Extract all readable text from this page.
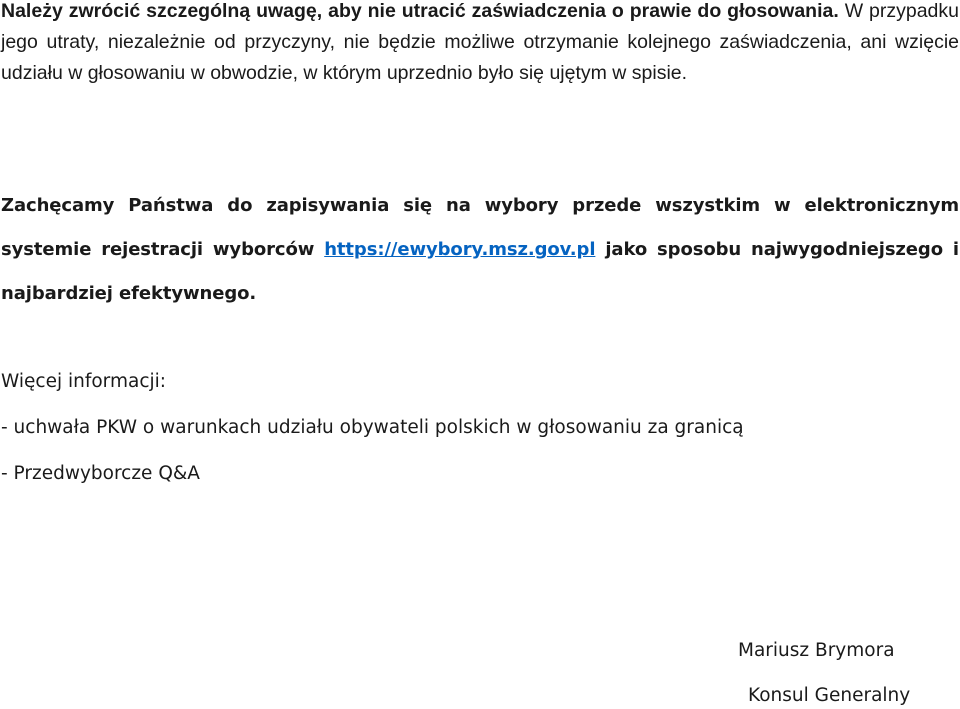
Należy zwrócić szczególną uwagę, aby nie utracić zaświadczenia o prawie do głosowania. W przypadku jego utraty, niezależnie od przyczyny, nie będzie możliwe otrzymanie kolejnego zaświadczenia, ani wzięcie udziału w głosowaniu w obwodzie, w którym uprzednio było się ujętym w spisie.

Zachęcamy Państwa do zapisywania się na wybory przede wszystkim w elektronicznym systemie rejestracji wyborców https://ewybory.msz.gov.pl jako sposobu najwygodniejszego i najbardziej efektywnego.

Więcej informacji:

- uchwała PKW o warunkach udziału obywateli polskich w głosowaniu za granicą

- Przedwyborcze Q&A

Mariusz Brymora

Konsul Generalny
